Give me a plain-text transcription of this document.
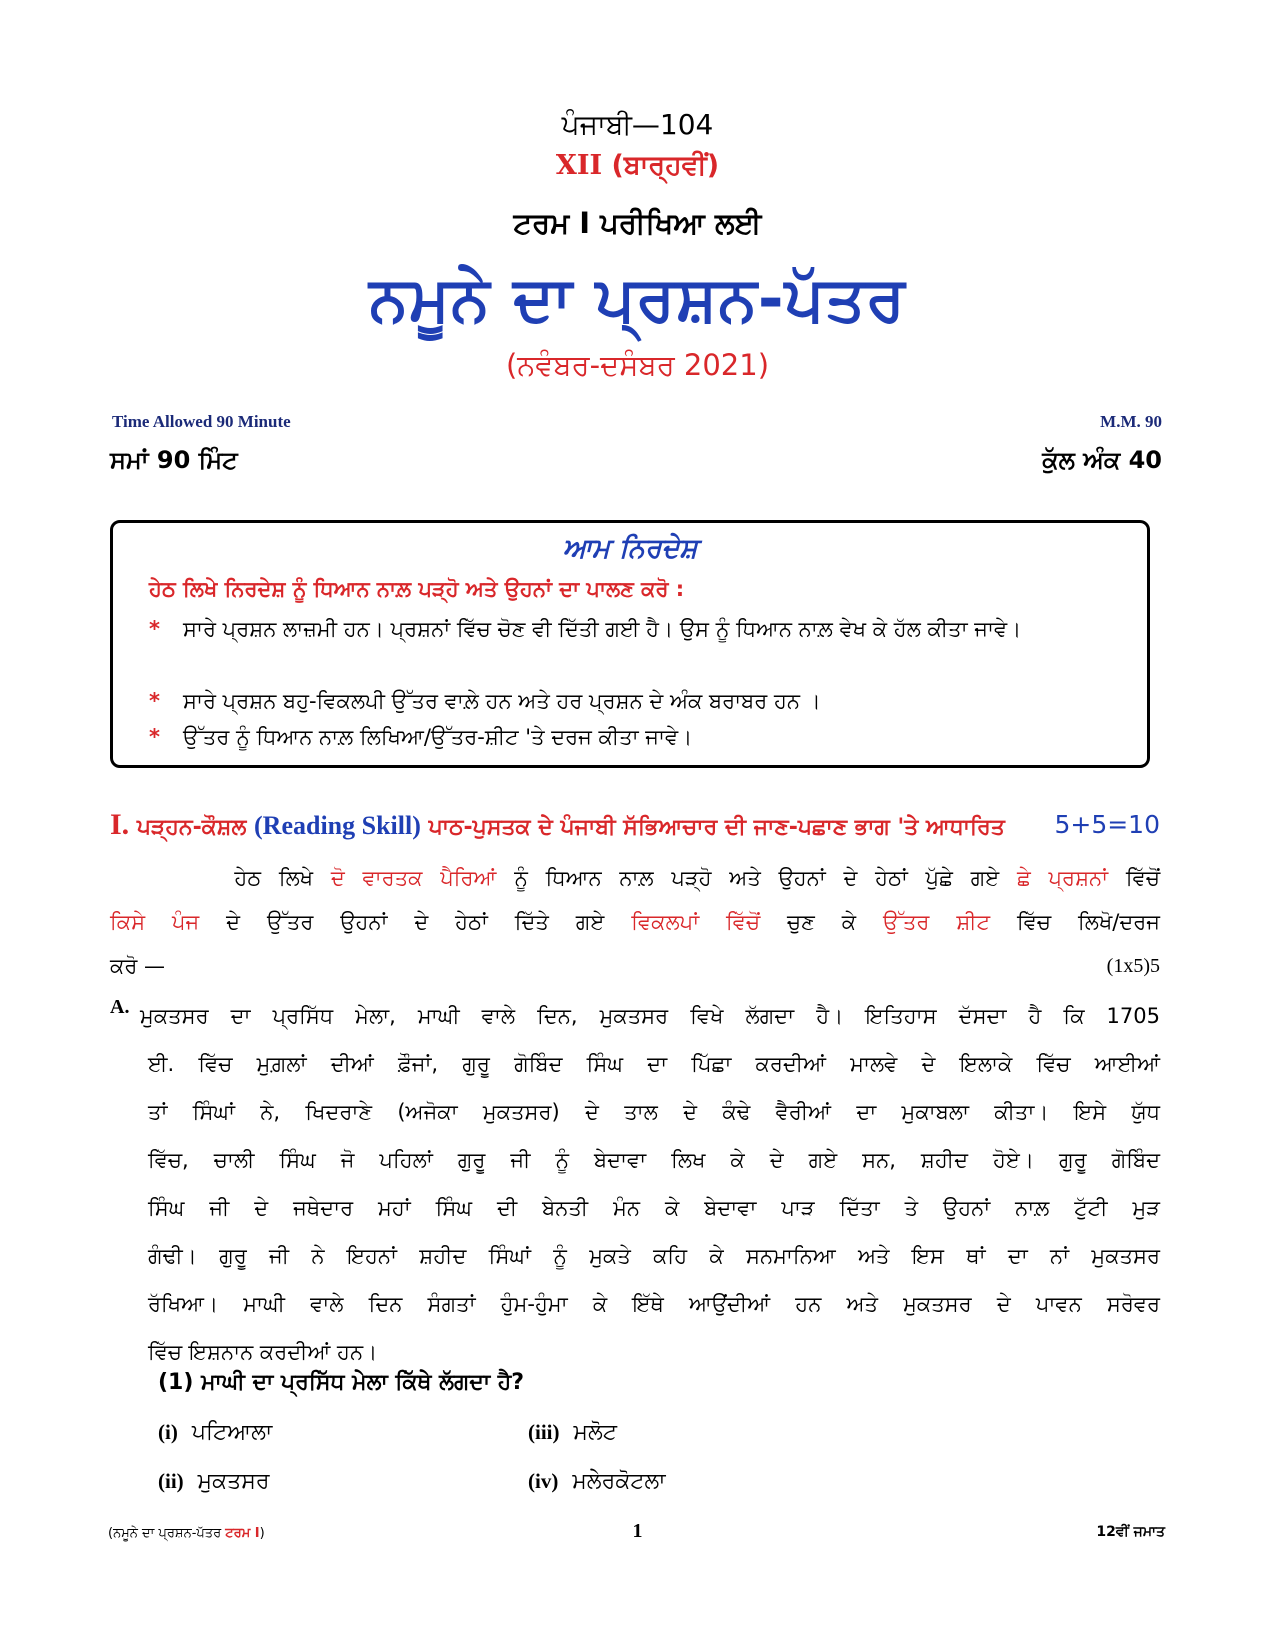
ਪੰਜਾਬੀ—104
XII (ਬਾਰ੍ਹਵੀਂ)
ਟਰਮ I ਪਰੀਖਿਆ ਲਈ
ਨਮੂਨੇ ਦਾ ਪ੍ਰਸ਼ਨ-ਪੱਤਰ
(ਨਵੰਬਰ-ਦਸੰਬਰ 2021)
Time Allowed 90 Minute	M.M. 90
ਸਮਾਂ 90 ਮਿੰਟ	ਕੁੱਲ ਅੰਕ 40
ਆਮ ਨਿਰਦੇਸ਼
ਹੇਠ ਲਿਖੇ ਨਿਰਦੇਸ਼ ਨੂੰ ਧਿਆਨ ਨਾਲ਼ ਪੜ੍ਹੋ ਅਤੇ ਉਹਨਾਂ ਦਾ ਪਾਲਣ ਕਰੋ :
* ਸਾਰੇ ਪ੍ਰਸ਼ਨ ਲਾਜ਼ਮੀ ਹਨ। ਪ੍ਰਸ਼ਨਾਂ ਵਿੱਚ ਚੋਣ ਵੀ ਦਿੱਤੀ ਗਈ ਹੈ। ਉਸ ਨੂੰ ਧਿਆਨ ਨਾਲ਼ ਵੇਖ ਕੇ ਹੱਲ ਕੀਤਾ ਜਾਵੇ।
* ਸਾਰੇ ਪ੍ਰਸ਼ਨ ਬਹੁ-ਵਿਕਲਪੀ ਉੱਤਰ ਵਾਲ਼ੇ ਹਨ ਅਤੇ ਹਰ ਪ੍ਰਸ਼ਨ ਦੇ ਅੰਕ ਬਰਾਬਰ ਹਨ ।
* ਉੱਤਰ ਨੂੰ ਧਿਆਨ ਨਾਲ਼ ਲਿਖਿਆ/ਉੱਤਰ-ਸ਼ੀਟ 'ਤੇ ਦਰਜ ਕੀਤਾ ਜਾਵੇ।
I. ਪੜ੍ਹਨ-ਕੌਸ਼ਲ (Reading Skill) ਪਾਠ-ਪੁਸਤਕ ਦੇ ਪੰਜਾਬੀ ਸੱਭਿਆਚਾਰ ਦੀ ਜਾਣ-ਪਛਾਣ ਭਾਗ 'ਤੇ ਆਧਾਰਿਤ 5+5=10
ਹੇਠ ਲਿਖੇ ਦੋ ਵਾਰਤਕ ਪੈਰਿਆਂ ਨੂੰ ਧਿਆਨ ਨਾਲ਼ ਪੜ੍ਹੋ ਅਤੇ ਉਹਨਾਂ ਦੇ ਹੇਠਾਂ ਪੁੱਛੇ ਗਏ ਛੇ ਪ੍ਰਸ਼ਨਾਂ ਵਿੱਚੋਂ
ਕਿਸੇ ਪੰਜ ਦੇ ਉੱਤਰ ਉਹਨਾਂ ਦੇ ਹੇਠਾਂ ਦਿੱਤੇ ਗਏ ਵਿਕਲਪਾਂ ਵਿੱਚੋਂ ਚੁਣ ਕੇ ਉੱਤਰ ਸ਼ੀਟ ਵਿੱਚ ਲਿਖੋ/ਦਰਜ
ਕਰੋ —	(1x5)5
A. ਮੁਕਤਸਰ ਦਾ ਪ੍ਰਸਿੱਧ ਮੇਲਾ, ਮਾਘੀ ਵਾਲੇ ਦਿਨ, ਮੁਕਤਸਰ ਵਿਖੇ ਲੱਗਦਾ ਹੈ। ਇਤਿਹਾਸ ਦੱਸਦਾ ਹੈ ਕਿ 1705
ਈ. ਵਿੱਚ ਮੁਗ਼ਲਾਂ ਦੀਆਂ ਫ਼ੌਜਾਂ, ਗੁਰੂ ਗੋਬਿੰਦ ਸਿੰਘ ਦਾ ਪਿੱਛਾ ਕਰਦੀਆਂ ਮਾਲਵੇ ਦੇ ਇਲਾਕੇ ਵਿੱਚ ਆਈਆਂ
ਤਾਂ ਸਿੰਘਾਂ ਨੇ, ਖਿਦਰਾਣੇ (ਅਜੋਕਾ ਮੁਕਤਸਰ) ਦੇ ਤਾਲ ਦੇ ਕੰਢੇ ਵੈਰੀਆਂ ਦਾ ਮੁਕਾਬਲਾ ਕੀਤਾ। ਇਸੇ ਯੁੱਧ
ਵਿੱਚ, ਚਾਲੀ ਸਿੰਘ ਜੋ ਪਹਿਲਾਂ ਗੁਰੂ ਜੀ ਨੂੰ ਬੇਦਾਵਾ ਲਿਖ ਕੇ ਦੇ ਗਏ ਸਨ, ਸ਼ਹੀਦ ਹੋਏ। ਗੁਰੂ ਗੋਬਿੰਦ
ਸਿੰਘ ਜੀ ਦੇ ਜਥੇਦਾਰ ਮਹਾਂ ਸਿੰਘ ਦੀ ਬੇਨਤੀ ਮੰਨ ਕੇ ਬੇਦਾਵਾ ਪਾੜ ਦਿੱਤਾ ਤੇ ਉਹਨਾਂ ਨਾਲ਼ ਟੁੱਟੀ ਮੁੜ
ਗੰਢੀ। ਗੁਰੂ ਜੀ ਨੇ ਇਹਨਾਂ ਸ਼ਹੀਦ ਸਿੰਘਾਂ ਨੂੰ ਮੁਕਤੇ ਕਹਿ ਕੇ ਸਨਮਾਨਿਆ ਅਤੇ ਇਸ ਥਾਂ ਦਾ ਨਾਂ ਮੁਕਤਸਰ
ਰੱਖਿਆ। ਮਾਘੀ ਵਾਲੇ ਦਿਨ ਸੰਗਤਾਂ ਹੁੰਮ-ਹੁੰਮਾ ਕੇ ਇੱਥੇ ਆਉਂਦੀਆਂ ਹਨ ਅਤੇ ਮੁਕਤਸਰ ਦੇ ਪਾਵਨ ਸਰੋਵਰ
ਵਿੱਚ ਇਸ਼ਨਾਨ ਕਰਦੀਆਂ ਹਨ।
(1) ਮਾਘੀ ਦਾ ਪ੍ਰਸਿੱਧ ਮੇਲਾ ਕਿੱਥੇ ਲੱਗਦਾ ਹੈ?
(i) ਪਟਿਆਲਾ	(iii) ਮਲੋਟ
(ii) ਮੁਕਤਸਰ	(iv) ਮਲੇਰਕੋਟਲਾ
(ਨਮੂਨੇ ਦਾ ਪ੍ਰਸ਼ਨ-ਪੱਤਰ ਟਰਮ I)	1	12ਵੀਂ ਜਮਾਤ
